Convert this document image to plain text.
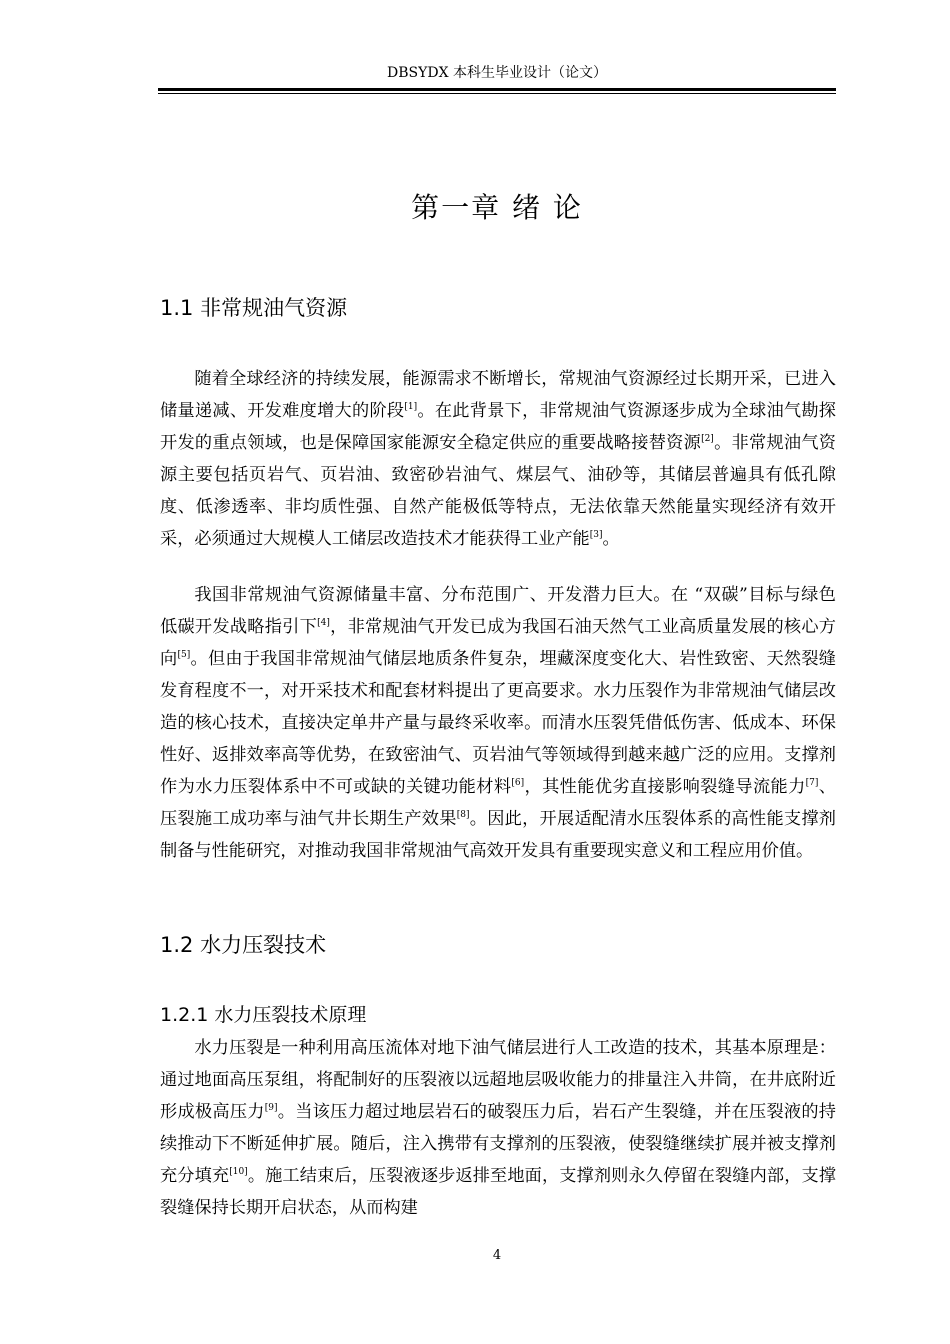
DBSYDX 本科生毕业设计（论文）
第一章 绪 论
1.1 非常规油气资源

随着全球经济的持续发展，能源需求不断增长，常规油气资源经过长期开采，已进入储量递减、开发难度增大的阶段[1]。在此背景下，非常规油气资源逐步成为全球油气勘探开发的重点领域，也是保障国家能源安全稳定供应的重要战略接替资源[2]。非常规油气资源主要包括页岩气、页岩油、致密砂岩油气、煤层气、油砂等，其储层普遍具有低孔隙度、低渗透率、非均质性强、自然产能极低等特点，无法依靠天然能量实现经济有效开采，必须通过大规模人工储层改造技术才能获得工业产能[3]。

我国非常规油气资源储量丰富、分布范围广、开发潜力巨大。在 “双碳”目标与绿色低碳开发战略指引下[4]，非常规油气开发已成为我国石油天然气工业高质量发展的核心方向[5]。但由于我国非常规油气储层地质条件复杂，埋藏深度变化大、岩性致密、天然裂缝发育程度不一，对开采技术和配套材料提出了更高要求。水力压裂作为非常规油气储层改造的核心技术，直接决定单井产量与最终采收率。而清水压裂凭借低伤害、低成本、环保性好、返排效率高等优势，在致密油气、页岩油气等领域得到越来越广泛的应用。支撑剂作为水力压裂体系中不可或缺的关键功能材料[6]，其性能优劣直接影响裂缝导流能力[7]、压裂施工成功率与油气井长期生产效果[8]。因此，开展适配清水压裂体系的高性能支撑剂制备与性能研究，对推动我国非常规油气高效开发具有重要现实意义和工程应用价值。

1.2 水力压裂技术
1.2.1 水力压裂技术原理

水力压裂是一种利用高压流体对地下油气储层进行人工改造的技术，其基本原理是：通过地面高压泵组，将配制好的压裂液以远超地层吸收能力的排量注入井筒，在井底附近形成极高压力[9]。当该压力超过地层岩石的破裂压力后，岩石产生裂缝，并在压裂液的持续推动下不断延伸扩展。随后，注入携带有支撑剂的压裂液，使裂缝继续扩展并被支撑剂充分填充[10]。施工结束后，压裂液逐步返排至地面，支撑剂则永久停留在裂缝内部，支撑裂缝保持长期开启状态，从而构建

4
